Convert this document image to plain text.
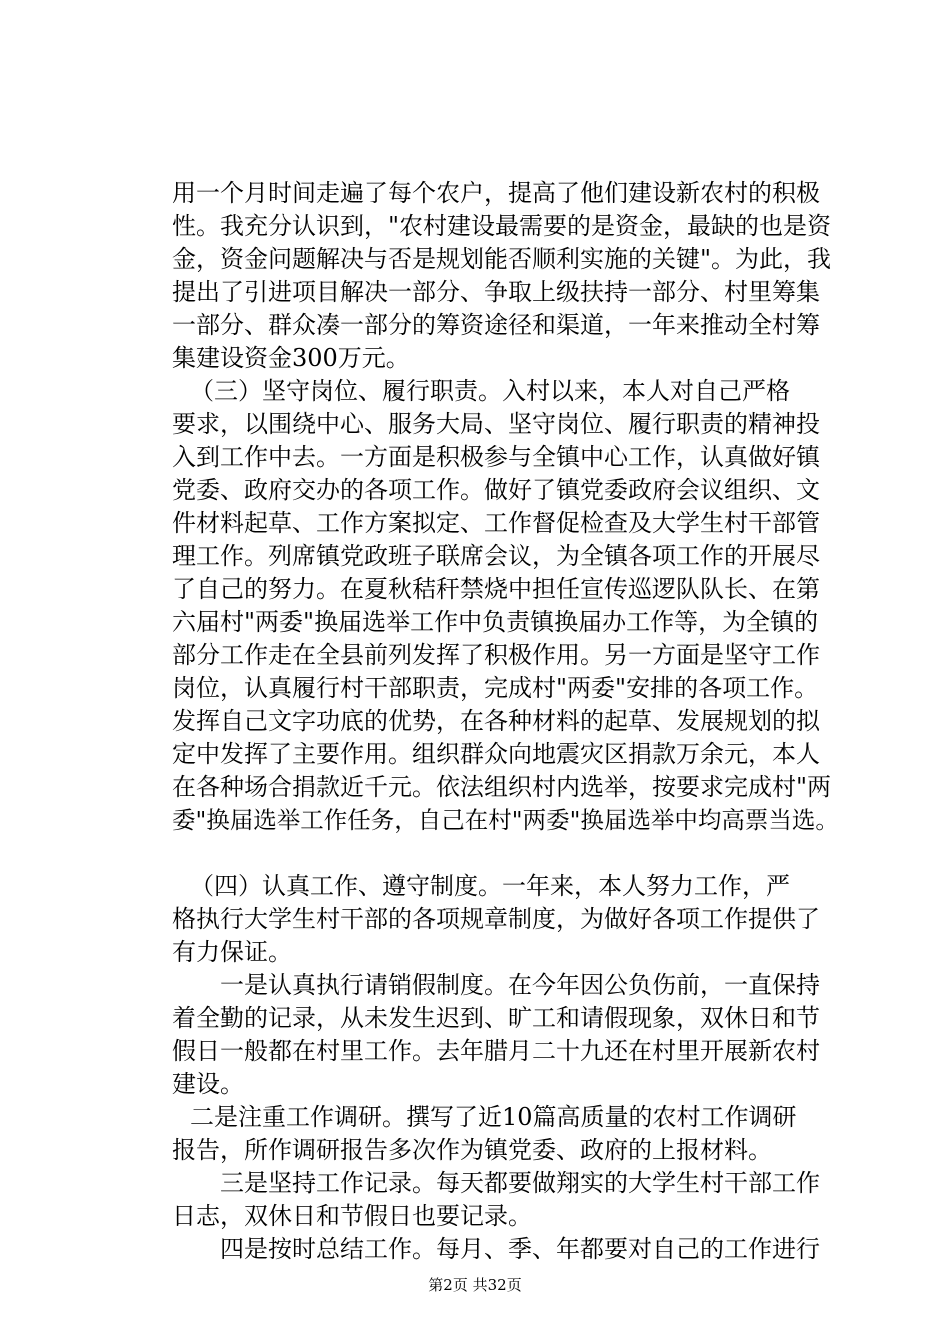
用一个月时间走遍了每个农户，提高了他们建设新农村的积极
性。我充分认识到，"农村建设最需要的是资金，最缺的也是资
金，资金问题解决与否是规划能否顺利实施的关键"。为此，我
提出了引进项目解决一部分、争取上级扶持一部分、村里筹集
一部分、群众凑一部分的筹资途径和渠道，一年来推动全村筹
集建设资金300万元。
（三）坚守岗位、履行职责。入村以来，本人对自己严格
要求，以围绕中心、服务大局、坚守岗位、履行职责的精神投
入到工作中去。一方面是积极参与全镇中心工作，认真做好镇
党委、政府交办的各项工作。做好了镇党委政府会议组织、文
件材料起草、工作方案拟定、工作督促检查及大学生村干部管
理工作。列席镇党政班子联席会议，为全镇各项工作的开展尽
了自己的努力。在夏秋秸秆禁烧中担任宣传巡逻队队长、在第
六届村"两委"换届选举工作中负责镇换届办工作等，为全镇的
部分工作走在全县前列发挥了积极作用。另一方面是坚守工作
岗位，认真履行村干部职责，完成村"两委"安排的各项工作。
发挥自己文字功底的优势，在各种材料的起草、发展规划的拟
定中发挥了主要作用。组织群众向地震灾区捐款万余元，本人
在各种场合捐款近千元。依法组织村内选举，按要求完成村"两
委"换届选举工作任务，自己在村"两委"换届选举中均高票当选。
（四）认真工作、遵守制度。一年来，本人努力工作，严
格执行大学生村干部的各项规章制度，为做好各项工作提供了
有力保证。
一是认真执行请销假制度。在今年因公负伤前，一直保持
着全勤的记录，从未发生迟到、旷工和请假现象，双休日和节
假日一般都在村里工作。去年腊月二十九还在村里开展新农村
建设。
二是注重工作调研。撰写了近10篇高质量的农村工作调研
报告，所作调研报告多次作为镇党委、政府的上报材料。
三是坚持工作记录。每天都要做翔实的大学生村干部工作
日志，双休日和节假日也要记录。
四是按时总结工作。每月、季、年都要对自己的工作进行
第2页 共32页
